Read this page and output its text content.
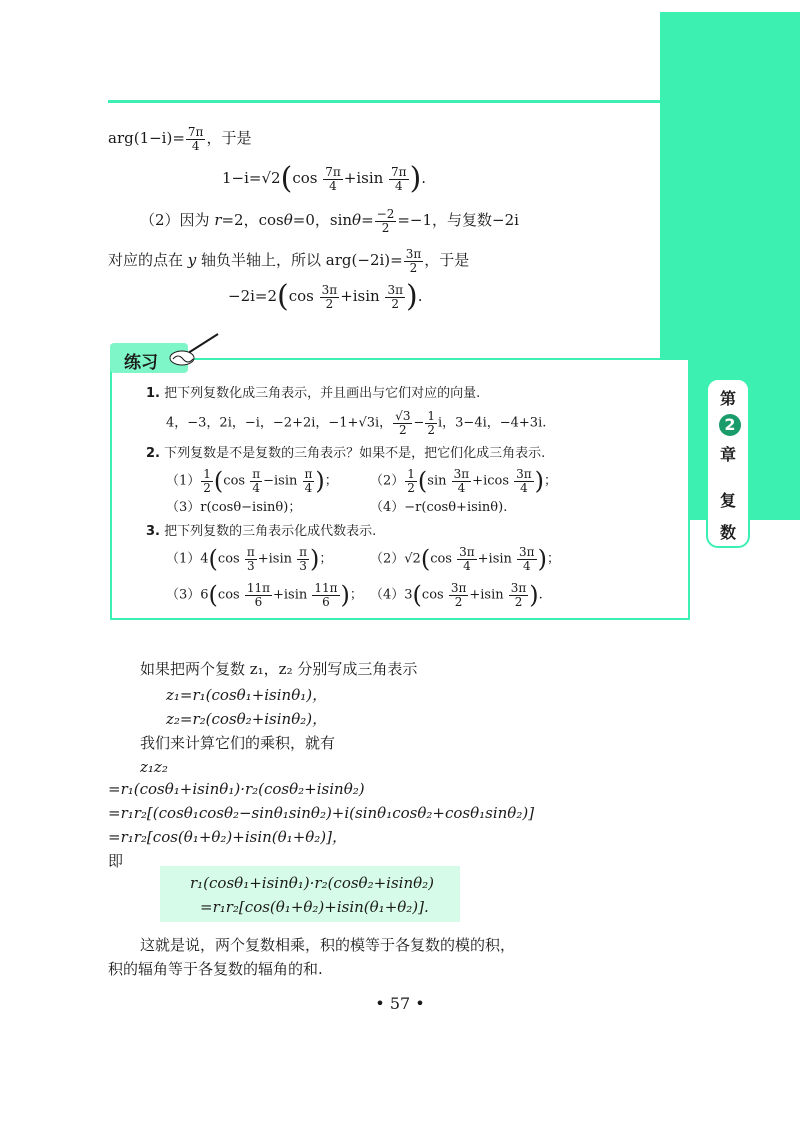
第
2
章
复
数
$arg(1-i)= \frac{7\pi}{4}$ ，于是
$1-i=√2(\cos \frac{7\pi}{4} +isin \frac{7\pi}{4}$ ).
（2）因为 r=2，cosθ=0，$\sin\theta= \frac{-2}{2} =-1$，与复数−2i
对应的点在 y 轴负半轴上，所以 $arg(-2i)= \frac{3\pi}{2}$ ，于是
$-2i=2(\cos \frac{3\pi}{2} +isin \frac{3\pi}{2}$ ).
练习
1. 把下列复数化成三角表示，并且画出与它们对应的向量.
4，−3，2i，−i，−2+2i，−1+√3i， $\frac{√3}{2} - \frac{1}{2}$ i，3−4i，−4+3i.
2. 下列复数是不是复数的三角表示？如果不是，把它们化成三角表示.
$(1) \frac{1}{2} (\cos \frac{\pi}{4} -isin \frac{\pi}{4}$ )； $(2) \frac{1}{2} (\sin \frac{3\pi}{4} +icos \frac{3\pi}{4}$ )；
（3）r(cosθ−isinθ)；	（4）−r(cosθ+isinθ).
3. 把下列复数的三角表示化成代数表示.
$(1)4(\cos \frac{\pi}{3} +isin \frac{\pi}{3}$ )；	$(2)√2(\cos \frac{3\pi}{4} +isin \frac{3\pi}{4}$ )；
$(3)6(\cos \frac{11\pi}{6} +isin \frac{11\pi}{6}$ )； $(4)3(\cos \frac{3\pi}{2} +isin \frac{3\pi}{2}$ ).
如果把两个复数 z₁，z₂ 分别写成三角表示
z₁=r₁(cosθ₁+isinθ₁)，
z₂=r₂(cosθ₂+isinθ₂)，
我们来计算它们的乘积，就有
z₁z₂
=r₁(cosθ₁+isinθ₁)·r₂(cosθ₂+isinθ₂)
=r₁r₂[(cosθ₁cosθ₂−sinθ₁sinθ₂)+i(sinθ₁cosθ₂+cosθ₁sinθ₂)]
=r₁r₂[cos(θ₁+θ₂)+isin(θ₁+θ₂)]，
即
r₁(cosθ₁+isinθ₁)·r₂(cosθ₂+isinθ₂)
=r₁r₂[cos(θ₁+θ₂)+isin(θ₁+θ₂)].
这就是说，两个复数相乘，积的模等于各复数的模的积，
积的辐角等于各复数的辐角的和.
• 57 •
